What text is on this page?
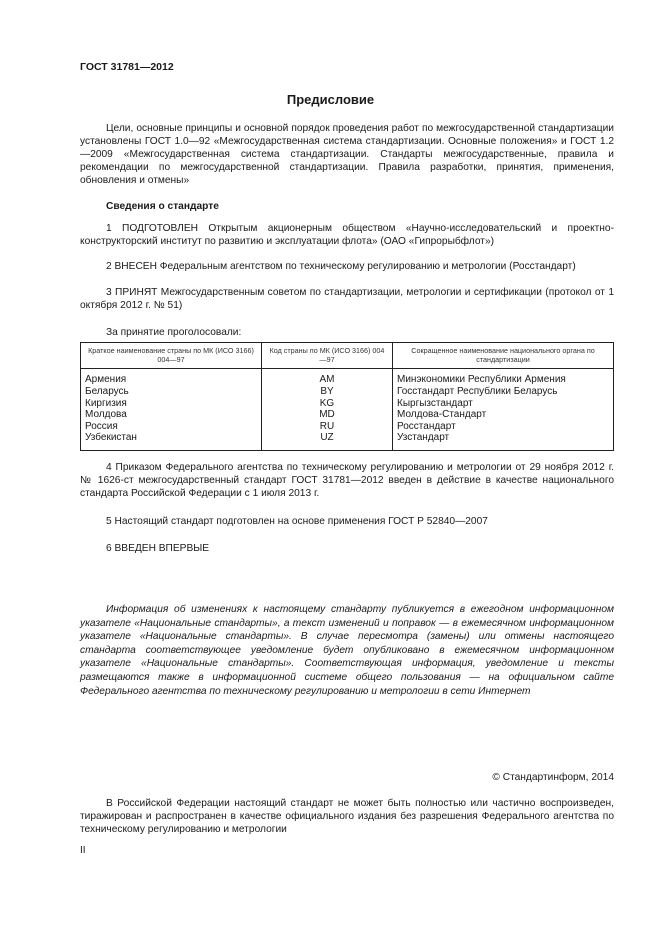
ГОСТ 31781—2012
Предисловие

Цели, основные принципы и основной порядок проведения работ по межгосударственной стандартизации установлены ГОСТ 1.0—92 «Межгосударственная система стандартизации. Основные положения» и ГОСТ 1.2—2009 «Межгосударственная система стандартизации. Стандарты межгосударственные, правила и рекомендации по межгосударственной стандартизации. Правила разработки, принятия, применения, обновления и отмены»

Сведения о стандарте

1 ПОДГОТОВЛЕН Открытым акционерным обществом «Научно-исследовательский и проектно-конструкторский институт по развитию и эксплуатации флота» (ОАО «Гипрорыбфлот»)

2 ВНЕСЕН Федеральным агентством по техническому регулированию и метрологии (Росстандарт)

3 ПРИНЯТ Межгосударственным советом по стандартизации, метрологии и сертификации (протокол от 1 октября 2012 г. № 51)

За принятие проголосовали:
Краткое наименование страны по МК (ИСО 3166) 004—97	Код страны по МК (ИСО 3166) 004—97	Сокращенное наименование национального органа по стандартизации
Армения	AM	Минэкономики Республики Армения
Беларусь	BY	Госстандарт Республики Беларусь
Киргизия	KG	Кыргызстандарт
Молдова	MD	Молдова-Стандарт
Россия	RU	Росстандарт
Узбекистан	UZ	Узстандарт

4 Приказом Федерального агентства по техническому регулированию и метрологии от 29 ноября 2012 г. № 1626-ст межгосударственный стандарт ГОСТ 31781—2012 введен в действие в качестве национального стандарта Российской Федерации с 1 июля 2013 г.

5 Настоящий стандарт подготовлен на основе применения ГОСТ Р 52840—2007

6 ВВЕДЕН ВПЕРВЫЕ

Информация об изменениях к настоящему стандарту публикуется в ежегодном информационном указателе «Национальные стандарты», а текст изменений и поправок — в ежемесячном информационном указателе «Национальные стандарты». В случае пересмотра (замены) или отмены настоящего стандарта соответствующее уведомление будет опубликовано в ежемесячном информационном указателе «Национальные стандарты». Соответствующая информация, уведомление и тексты размещаются также в информационной системе общего пользования — на официальном сайте Федерального агентства по техническому регулированию и метрологии в сети Интернет

© Стандартинформ, 2014

В Российской Федерации настоящий стандарт не может быть полностью или частично воспроизведен, тиражирован и распространен в качестве официального издания без разрешения Федерального агентства по техническому регулированию и метрологии

II
